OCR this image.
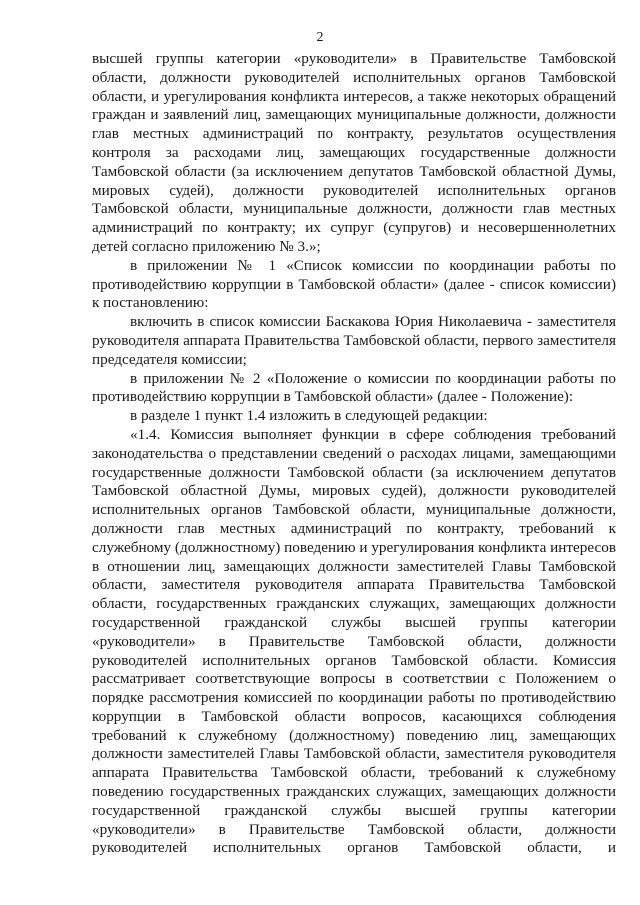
2

высшей группы категории «руководители» в Правительстве Тамбовской области, должности руководителей исполнительных органов Тамбовской области, и урегулирования конфликта интересов, а также некоторых обращений граждан и заявлений лиц, замещающих муниципальные должности, должности глав местных администраций по контракту, результатов осуществления контроля за расходами лиц, замещающих государственные должности Тамбовской области (за исключением депутатов Тамбовской областной Думы, мировых судей), должности руководителей исполнительных органов Тамбовской области, муниципальные должности, должности глав местных администраций по контракту; их супруг (супругов) и несовершеннолетних детей согласно приложению № 3.»;

в приложении № 1 «Список комиссии по координации работы по противодействию коррупции в Тамбовской области» (далее - список комиссии) к постановлению:

включить в список комиссии Баскакова Юрия Николаевича - заместителя руководителя аппарата Правительства Тамбовской области, первого заместителя председателя комиссии;

в приложении № 2 «Положение о комиссии по координации работы по противодействию коррупции в Тамбовской области» (далее - Положение):

в разделе 1 пункт 1.4 изложить в следующей редакции:

«1.4. Комиссия выполняет функции в сфере соблюдения требований законодательства о представлении сведений о расходах лицами, замещающими государственные должности Тамбовской области (за исключением депутатов Тамбовской областной Думы, мировых судей), должности руководителей исполнительных органов Тамбовской области, муниципальные должности, должности глав местных администраций по контракту, требований к служебному (должностному) поведению и урегулирования конфликта интересов в отношении лиц, замещающих должности заместителей Главы Тамбовской области, заместителя руководителя аппарата Правительства Тамбовской области, государственных гражданских служащих, замещающих должности государственной гражданской службы высшей группы категории «руководители» в Правительстве Тамбовской области, должности руководителей исполнительных органов Тамбовской области. Комиссия рассматривает соответствующие вопросы в соответствии с Положением о порядке рассмотрения комиссией по координации работы по противодействию коррупции в Тамбовской области вопросов, касающихся соблюдения требований к служебному (должностному) поведению лиц, замещающих должности заместителей Главы Тамбовской области, заместителя руководителя аппарата Правительства Тамбовской области, требований к служебному поведению государственных гражданских служащих, замещающих должности государственной гражданской службы высшей группы категории «руководители» в Правительстве Тамбовской области, должности руководителей исполнительных органов Тамбовской области, и
